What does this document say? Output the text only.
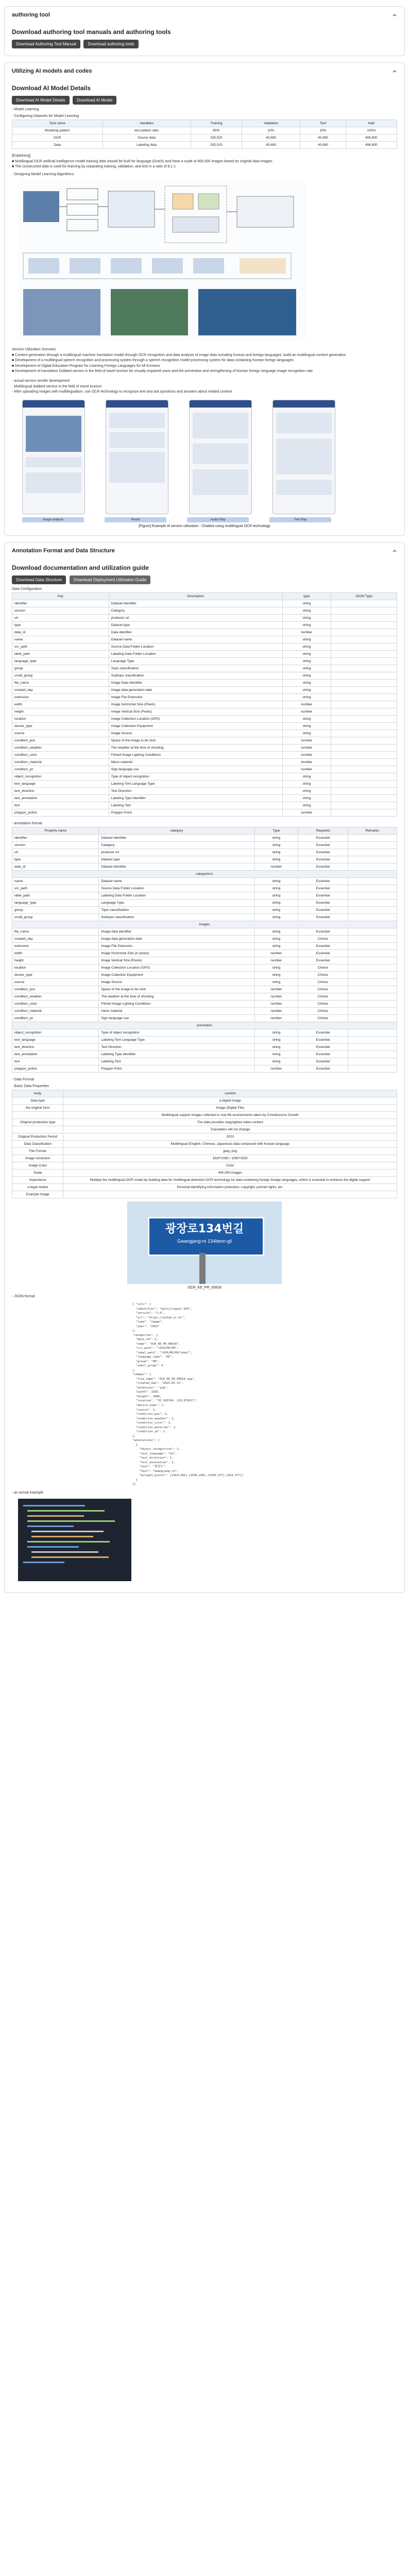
authoring tool
Download authoring tool manuals and authoring tools
Download Authoring Tool Manual	Download authoring tools
Utilizing AI models and codes
Download AI Model Details
Download AI Model Details	Download AI Model
- Model Learning
· Configuring Datasets for Model Learning
Task name	Variables	Training	Validation	Test	total
Modeling pattern	text pattern ratio	80%	10%	10%	100%
OCR	Source data	325,520	40,690	40,690	406,900
Data	Labeling data	325,520	40,690	40,690	406,900
[Explaining]
■ Multilingual OCR artificial intelligence model training data should be built for language (Dutch) and have a scale of 400,000 images based on original data images.
■ The constructed data is used for learning by separating training, validation, and test in a ratio of 8:1:1
- Designing Model Learning Algorithms
Service Utilization Scenario
■ Content generation through a multilingual machine translation model through OCR recognition and data analysis of image data including Korean and foreign languages: build an multilingual content generation
■ Development of a multilingual speech recognition and processing system through a speech recognition model processing system for data containing Korean foreign languages
■ Development of Digital Education Program for Learning Foreign Languages for All Koreans
■ Development of translation Dubbed service in the field of travel tourism for visually impaired users and the prevention and strengthening of Korean foreign language image recognition rate
- actual service sender development
· Multilingual dubbed service in the field of travel tourism
- After uploading images with multilingualism, use OCR technology to recognize text and ask questions and answers about related content
Image analysis	Result	Audio Play	Text Play
[Figure] Example of service utilization - Chatbot using multilingual OCR technology
Annotation Format and Data Structure
Download documentation and utilization guide
Download Data Structure	Download Deployment Utilization Guide
Data Configuration
Key	Description	type	JSON Type
identifier	Dataset Identifier	string	
version	Category	string	
url	producer url	string	
type	Dataset type	string	
data_id	Data identifier	number	
name	Dataset name	string	
src_path	Source Data Folder Location	string	
label_path	Labeling Data Folder Location	string	
language_type	Language Type	string	
group	Topic classification	string	
small_group	Subtopic classification	string	
file_name	Image Data Identifier	string	
created_day	Image data generation date	string	
extension	Image File Extension	string	
width	Image horizontal Size (Pixels)	number	
height	Image Vertical Size (Pixels)	number	
location	Image Collection Location (GPS)	string	
device_type	Image Collection Equipment	string	
source	Image Source	string	
condition_pos	Space of the image to be shot	number	
condition_weather	The weather at the time of shooting	number	
condition_color	Filmed Image Lighting Conditions	number	
condition_material	Menu material	number	
condition_yn	Sign language use	number	
object_recognition	Type of object recognition	string	
text_language	Labeling Text Language Type	string	
text_direction	Text Direction	string	
text_annotation	Labeling Type Identifier	string	
text	Labeling Text	string	
polygon_points	Polygon Point	number	
- annotation format
Property name	category	Type	Required	Remarks
identifier	Dataset Identifier	string	Essential	
version	Category	string	Essential	
url	producer url	string	Essential	
type	Dataset type	string	Essential	
data_id	Dataset identifier	number	Essential	
categories1				
name	Dataset name	string	Essential	
src_path	Source Data Folder Location	string	Essential	
label_path	Labeling Data Folder Location	string	Essential	
language_type	Language Type	string	Essential	
group	Topic classification	string	Essential	
small_group	Subtopic classification	string	Essential	
images				
file_name	Image data identifier	string	Essential	
created_day	Image data generation date	string	Choice	
extension	Image File Extension	string	Essential	
width	Image Horizontal Size (in pixels)	number	Essential	
height	Image Vertical Size (Pixels)	number	Essential	
location	Image Collection Location (GPS)	string	Choice	
device_type	Image Collection Equipment	string	Choice	
source	Image Source	string	Choice	
condition_pos	Space of the image to be shot	number	Choice	
condition_weather	The weather at the time of shooting	number	Choice	
condition_color	Filmed Image Lighting Conditions	number	Choice	
condition_material	menu material	number	Choice	
condition_yn	Sign language use	number	Choice	
annotation				
object_recognition	Type of object recognition	string	Essential	
text_language	Labeling Text Language Type	string	Essential	
text_direction	Text Direction	string	Essential	
text_annotation	Labeling Type Identifier	string	Essential	
text	Labeling Text	string	Essential	
polygon_points	Polygon Point	number	Essential	
- Data Format
· Basic Data Properties
body	content
Data type	a digital image
the original form	Image (Digital File)
	Multilingual support images collected in real life environments taken by Crowdsource Growth
Original production type	The data provides copyrighted video content
	Translation will not change
Original Production Period	2023
Data Classification	Multilingual (English, Chinese, Japanese) data composed with Korean language
File Format	jpeg, png
Image resolution	1920*1080 / 1080*1920
Image Color	Color
Scale	400,000 images
Importance	Multiply the multilingual OCR model by building data for multilingual detection OCR technology for data containing foreign foreign languages, which is essential to enhance the digital support
a legal review	Personal identifying information protection, copyright, portrait rights, etc.
Example Image	
광장로134번길
Gwangjang-ro 134beon-gil
OCR_KE_PR_00818
- JSON format
{ "info": {
"identifier": "multilingual OCR",
"version": "1.0",
"url": "https://aihub.or.kr",
"type": "image",
"year": "2023"
},
"categories": {
"data_id": 2,
"name": "OCR_KE_PR_00818",
"src_path": "/OCR/KE/PR",
"label_path": "/OCR/KE/PR/label",
"language_type": "KE",
"group": "PR",
"small_group": 4
},
"images": {
"file_name": "OCR_KE_PR_00818.jpg",
"created_day": "2023.05.31",
"extension": "jpg",
"width": 1920,
"height": 1080,
"location": "35.165764, 129.071617",
"device_type": 1,
"source": 1,
"condition_pos": 2,
"condition_weather": 1,
"condition_color": 1,
"condition_material": 1,
"condition_yn": 1
},
"annotations": [
{
"object_recognition": 1,
"text_language": "ko",
"text_direction": 1,
"text_annotation": 1,
"text": "광장로",
"Text": "Gwangjang-ro",
"polygon_points": [[814,296],[1036,296],[1036,377],[814,377]]
}
]}
- an actual example
